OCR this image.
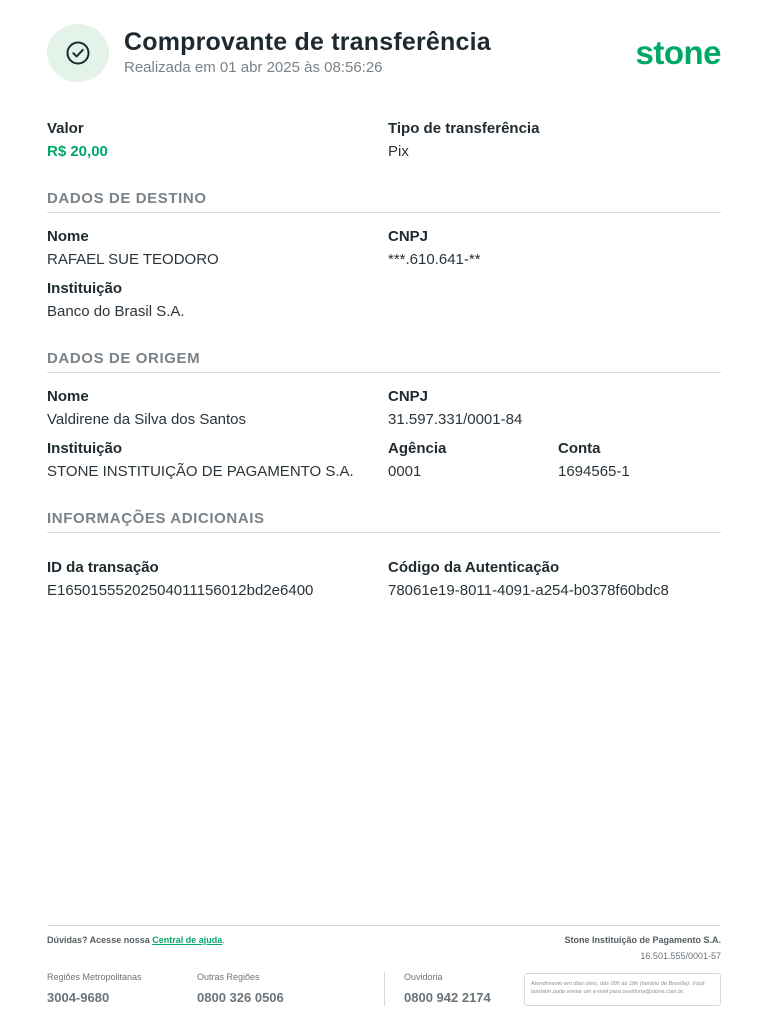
Comprovante de transferência
Realizada em 01 abr 2025 às 08:56:26	stone
Valor
R$ 20,00
Tipo de transferência
Pix
DADOS DE DESTINO
Nome
RAFAEL SUE TEODORO
CNPJ
***.610.641-**
Instituição
Banco do Brasil S.A.
DADOS DE ORIGEM
Nome
Valdirene da Silva dos Santos
CNPJ
31.597.331/0001-84
Instituição
STONE INSTITUIÇÃO DE PAGAMENTO S.A.
Agência
0001
Conta
1694565-1
INFORMAÇÕES ADICIONAIS
ID da transação
E16501555202504011156012bd2e6400
Código da Autenticação
78061e19-8011-4091-a254-b0378f60bdc8
Dúvidas? Acesse nossa Central de ajuda.	Stone Instituição de Pagamento S.A.
16.501.555/0001-57
Regiões Metropolitanas
3004-9680
Outras Regiões
0800 326 0506
Ouvidoria
0800 942 2174
Atendimento em dias úteis, das 09h às 18h (horário de Brasília). Você também pode enviar um e-mail para ouvidoria@stone.com.br.
